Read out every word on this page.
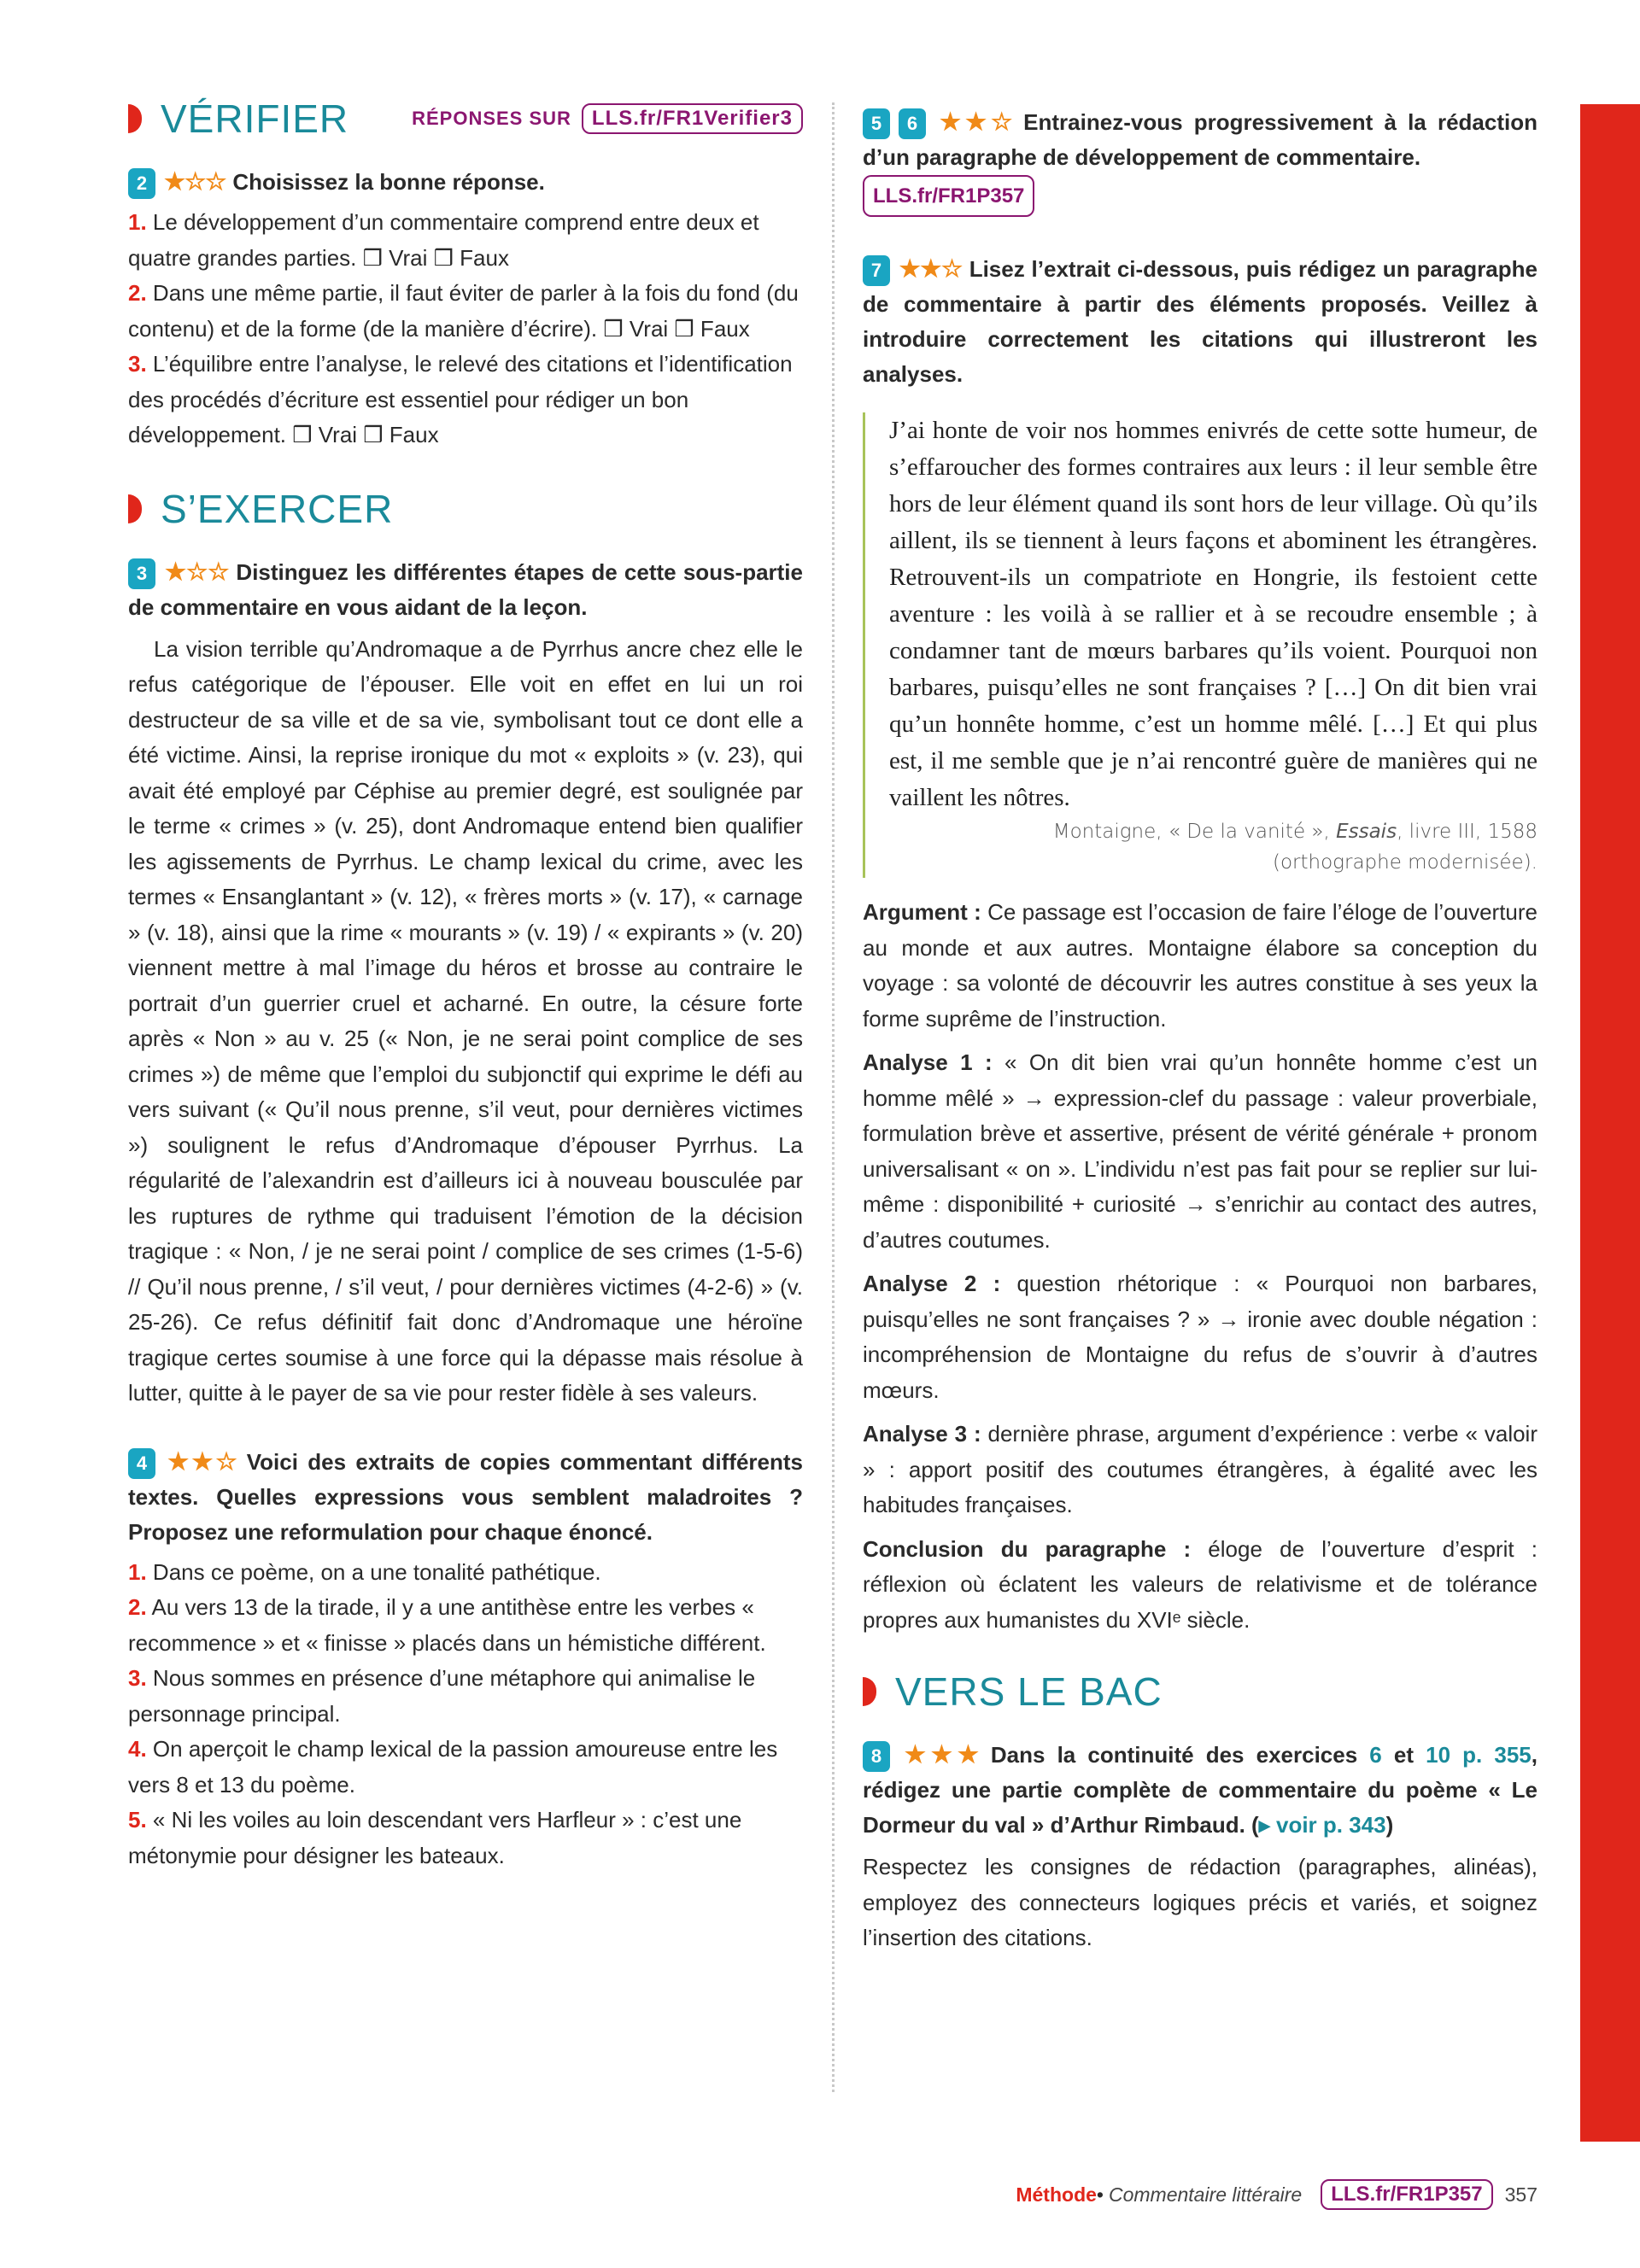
VÉRIFIER	RÉPONSES SUR	LLS.fr/FR1Verifier3
2 ★☆☆ Choisissez la bonne réponse.

1. Le développement d’un commentaire comprend entre deux et quatre grandes parties. ❒ Vrai ❒ Faux

2. Dans une même partie, il faut éviter de parler à la fois du fond (du contenu) et de la forme (de la manière d’écrire). ❒ Vrai ❒ Faux

3. L’équilibre entre l’analyse, le relevé des citations et l’identification des procédés d’écriture est essentiel pour rédiger un bon développement. ❒ Vrai ❒ Faux

S’EXERCER
3 ★☆☆ Distinguez les différentes étapes de cette sous-partie de commentaire en vous aidant de la leçon.

La vision terrible qu’Andromaque a de Pyrrhus ancre chez elle le refus catégorique de l’épouser. Elle voit en effet en lui un roi destructeur de sa ville et de sa vie, symbolisant tout ce dont elle a été victime. Ainsi, la reprise ironique du mot « exploits » (v. 23), qui avait été employé par Céphise au premier degré, est soulignée par le terme « crimes » (v. 25), dont Andromaque entend bien qualifier les agissements de Pyrrhus. Le champ lexical du crime, avec les termes « Ensanglantant » (v. 12), « frères morts » (v. 17), « carnage » (v. 18), ainsi que la rime « mourants » (v. 19) / « expirants » (v. 20) viennent mettre à mal l’image du héros et brosse au contraire le portrait d’un guerrier cruel et acharné. En outre, la césure forte après « Non » au v. 25 (« Non, je ne serai point complice de ses crimes ») de même que l’emploi du subjonctif qui exprime le défi au vers suivant (« Qu’il nous prenne, s’il veut, pour dernières victimes ») soulignent le refus d’Andromaque d’épouser Pyrrhus. La régularité de l’alexandrin est d’ailleurs ici à nouveau bousculée par les ruptures de rythme qui traduisent l’émotion de la décision tragique : « Non, / je ne serai point / complice de ses crimes (1-5-6) // Qu’il nous prenne, / s’il veut, / pour dernières victimes (4-2-6) » (v. 25-26). Ce refus définitif fait donc d’Andromaque une héroïne tragique certes soumise à une force qui la dépasse mais résolue à lutter, quitte à le payer de sa vie pour rester fidèle à ses valeurs.

4 ★★☆ Voici des extraits de copies commentant différents textes. Quelles expressions vous semblent maladroites ? Proposez une reformulation pour chaque énoncé.

1. Dans ce poème, on a une tonalité pathétique.

2. Au vers 13 de la tirade, il y a une antithèse entre les verbes « recommence » et « finisse » placés dans un hémistiche différent.

3. Nous sommes en présence d’une métaphore qui animalise le personnage principal.

4. On aperçoit le champ lexical de la passion amoureuse entre les vers 8 et 13 du poème.

5. « Ni les voiles au loin descendant vers Harfleur » : c’est une métonymie pour désigner les bateaux.

5 6 ★★☆ Entrainez-vous progressivement à la rédaction d’un paragraphe de développement de commentaire.
LLS.fr/FR1P357
7 ★★☆ Lisez l’extrait ci-dessous, puis rédigez un paragraphe de commentaire à partir des éléments proposés. Veillez à introduire correctement les citations qui illustreront les analyses.

J’ai honte de voir nos hommes enivrés de cette sotte humeur, de s’effaroucher des formes contraires aux leurs : il leur semble être hors de leur élément quand ils sont hors de leur village. Où qu’ils aillent, ils se tiennent à leurs façons et abominent les étrangères. Retrouvent-ils un compatriote en Hongrie, ils festoient cette aventure : les voilà à se rallier et à se recoudre ensemble ; à condamner tant de mœurs barbares qu’ils voient. Pourquoi non barbares, puisqu’elles ne sont françaises ? […] On dit bien vrai qu’un honnête homme, c’est un homme mêlé. […] Et qui plus est, il me semble que je n’ai rencontré guère de manières qui ne vaillent les nôtres.

Montaigne, « De la vanité », Essais, livre III, 1588
(orthographe modernisée).

Argument : Ce passage est l’occasion de faire l’éloge de l’ouverture au monde et aux autres. Montaigne élabore sa conception du voyage : sa volonté de découvrir les autres constitue à ses yeux la forme suprême de l’instruction.

Analyse 1 : « On dit bien vrai qu’un honnête homme c’est un homme mêlé » → expression-clef du passage : valeur proverbiale, formulation brève et assertive, présent de vérité générale + pronom universalisant « on ». L’individu n’est pas fait pour se replier sur lui-même : disponibilité + curiosité → s’enrichir au contact des autres, d’autres coutumes.

Analyse 2 : question rhétorique : « Pourquoi non barbares, puisqu’elles ne sont françaises ? » → ironie avec double négation : incompréhension de Montaigne du refus de s’ouvrir à d’autres mœurs.

Analyse 3 : dernière phrase, argument d’expérience : verbe « valoir » : apport positif des coutumes étrangères, à égalité avec les habitudes françaises.

Conclusion du paragraphe : éloge de l’ouverture d’esprit : réflexion où éclatent les valeurs de relativisme et de tolérance propres aux humanistes du XVIᵉ siècle.

VERS LE BAC
8 ★★★ Dans la continuité des exercices 6 et 10 p. 355, rédigez une partie complète de commentaire du poème « Le Dormeur du val » d’Arthur Rimbaud. (▸ voir p. 343)

Respectez les consignes de rédaction (paragraphes, alinéas), employez des connecteurs logiques précis et variés, et soignez l’insertion des citations.

Méthode • Commentaire littéraire	LLS.fr/FR1P357	357
